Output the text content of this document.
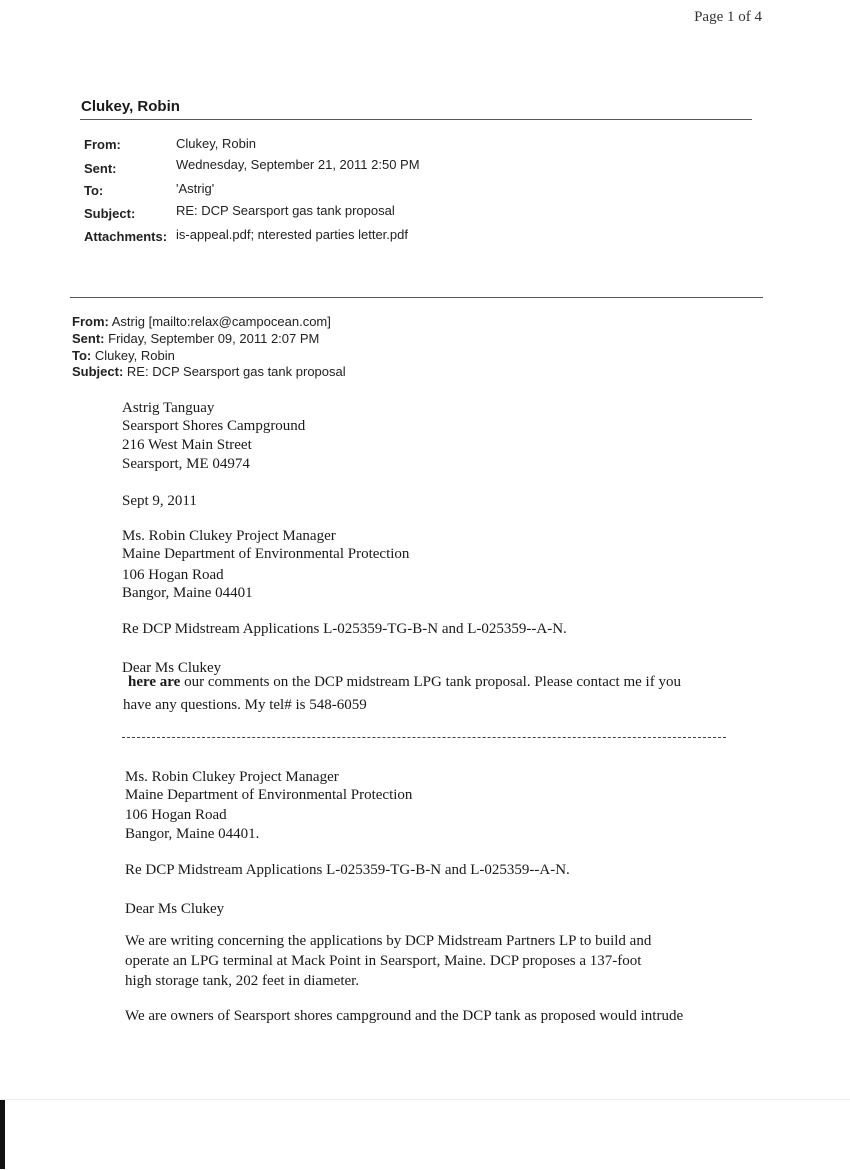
Page 1 of 4
Clukey, Robin
From:	Clukey, Robin
Sent:	Wednesday, September 21, 2011 2:50 PM
To:	'Astrig'
Subject:	RE: DCP Searsport gas tank proposal
Attachments: is-appeal.pdf; nterested parties letter.pdf
From: Astrig [mailto:relax@campocean.com]
Sent: Friday, September 09, 2011 2:07 PM
To: Clukey, Robin
Subject: RE: DCP Searsport gas tank proposal
Astrig Tanguay
Searsport Shores Campground
216 West Main Street
Searsport, ME 04974
Sept 9, 2011
Ms. Robin Clukey Project Manager
Maine Department of Environmental Protection
106 Hogan Road
Bangor, Maine 04401
Re DCP Midstream Applications L-025359-TG-B-N and L-025359--A-N.
Dear Ms Clukey
here are our comments on the DCP midstream LPG tank proposal. Please contact me if you
have any questions. My tel# is 548-6059
Ms. Robin Clukey Project Manager
Maine Department of Environmental Protection
106 Hogan Road
Bangor, Maine 04401.
Re DCP Midstream Applications L-025359-TG-B-N and L-025359--A-N.
Dear Ms Clukey
We are writing concerning the applications by DCP Midstream Partners LP to build and
operate an LPG terminal at Mack Point in Searsport, Maine. DCP proposes a 137-foot
high storage tank, 202 feet in diameter.
We are owners of Searsport shores campground and the DCP tank as proposed would intrude
